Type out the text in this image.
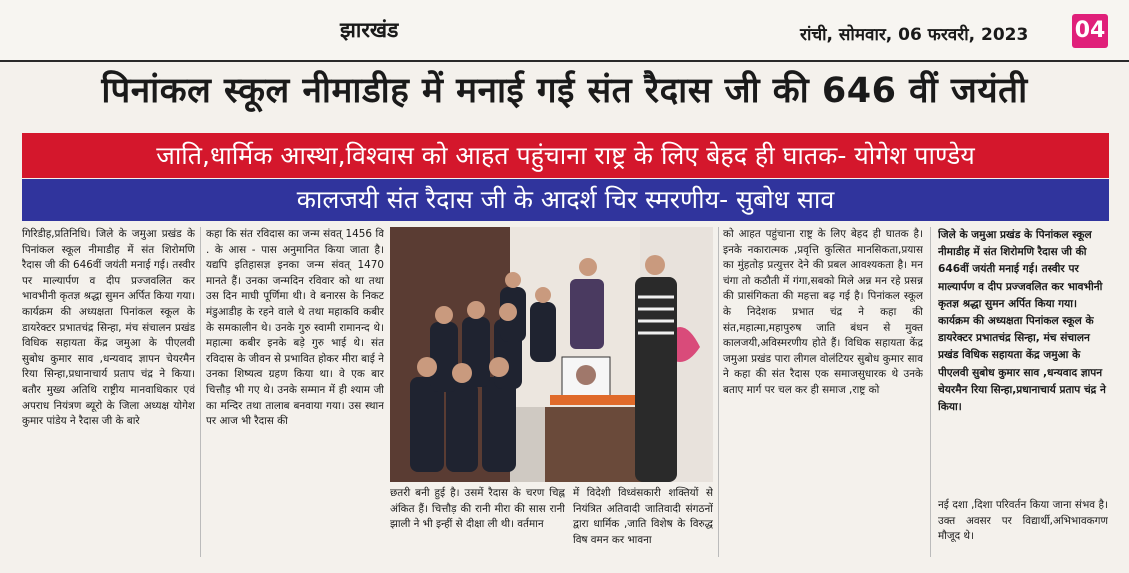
झारखंड	रांची, सोमवार, 06 फरवरी, 2023 04
पिनांकल स्कूल नीमाडीह में मनाई गई संत रैदास जी की 646 वीं जयंती
जाति,धार्मिक आस्था,विश्वास को आहत पहुंचाना राष्ट्र के लिए बेहद ही घातक- योगेश पाण्डेय
कालजयी संत रैदास जी के आदर्श चिर स्मरणीय- सुबोध साव

गिरिडीह,प्रतिनिधि। जिले के जमुआ प्रखंड के पिनांकल स्कूल नीमाडीह में संत शिरोमणि रैदास जी की 646वीं जयंती मनाई गई। तस्वीर पर माल्यार्पण व दीप प्रज्जवलित कर भावभीनी कृतज्ञ श्रद्धा सुमन अर्पित किया गया। कार्यक्रम की अध्यक्षता पिनांकल स्कूल के डायरेक्टर प्रभातचंद्र सिन्हा, मंच संचालन प्रखंड विधिक सहायता केंद्र जमुआ के पीएलवी सुबोध कुमार साव ,धन्यवाद ज्ञापन चेयरमैन रिया सिन्हा,प्रधानाचार्य प्रताप चंद्र ने किया। बतौर मुख्य अतिथि राष्ट्रीय मानवाधिकार एवं अपराध नियंत्रण ब्यूरो के जिला अध्यक्ष योगेश कुमार पांडेय ने रैदास जी के बारे

कहा कि संत रविदास का जन्म संवत् 1456 वि . के आस - पास अनुमानित किया जाता है। यद्यपि इतिहासज्ञ इनका जन्म संवत् 1470 मानते हैं। उनका जन्मदिन रविवार को था तथा उस दिन माघी पूर्णिमा थी। वे बनारस के निकट मंडुआडीह के रहने वाले थे तथा महाकवि कबीर के समकालीन थे। उनके गुरु स्वामी रामानन्द थे। महात्मा कबीर इनके बड़े गुरु भाई थे। संत रविदास के जीवन से प्रभावित होकर मीरा बाई ने उनका शिष्यत्व ग्रहण किया था। वे एक बार चित्तौड़ भी गए थे। उनके सम्मान में ही श्याम जी का मन्दिर तथा तालाब बनवाया गया। उस स्थान पर आज भी रैदास की

छतरी बनी हुई है। उसमें रैदास के चरण चिह्न अंकित हैं। चित्तौड़ की रानी मीरा की सास रानी झाली ने भी इन्हीं से दीक्षा ली थी। वर्तमान
में विदेशी विध्वंसकारी शक्तियों से नियंत्रित अतिवादी जातिवादी संगठनों द्वारा धार्मिक ,जाति विशेष के विरुद्ध विष वमन कर भावना

को आहत पहुंचाना राष्ट्र के लिए बेहद ही घातक है। इनके नकारात्मक ,प्रवृत्ति कुत्सित मानसिकता,प्रयास का मुंहतोड़ प्रत्युत्तर देने की प्रबल आवश्यकता है। मन चंगा तो कठौती में गंगा,सबको मिले अन्न मन रहे प्रसन्न की प्रासंगिकता की महत्ता बढ़ गई है। पिनांकल स्कूल के निदेशक प्रभात चंद्र ने कहा की संत,महात्मा,महापुरुष जाति बंधन से मुक्त कालजयी,अविस्मरणीय होते हैं। विधिक सहायता केंद्र जमुआ प्रखंड पारा लीगल वोलंटियर सुबोध कुमार साव ने कहा की संत रैदास एक समाजसुधारक थे उनके बताए मार्ग पर चल कर ही समाज ,राष्ट्र को

जिले के जमुआ प्रखंड के पिनांकल स्कूल नीमाडीह में संत शिरोमणि रैदास जी की 646वीं जयंती मनाई गई। तस्वीर पर माल्यार्पण व दीप प्रज्जवलित कर भावभीनी कृतज्ञ श्रद्धा सुमन अर्पित किया गया। कार्यक्रम की अध्यक्षता पिनांकल स्कूल के डायरेक्टर प्रभातचंद्र सिन्हा, मंच संचालन प्रखंड विधिक सहायता केंद्र जमुआ के पीएलवी सुबोध कुमार साव ,धन्यवाद ज्ञापन चेयरमैन रिया सिन्हा,प्रधानाचार्य प्रताप चंद्र ने किया।

नई दशा ,दिशा परिवर्तन किया जाना संभव है। उक्त अवसर पर विद्यार्थी,अभिभावकगण मौजूद थे।
